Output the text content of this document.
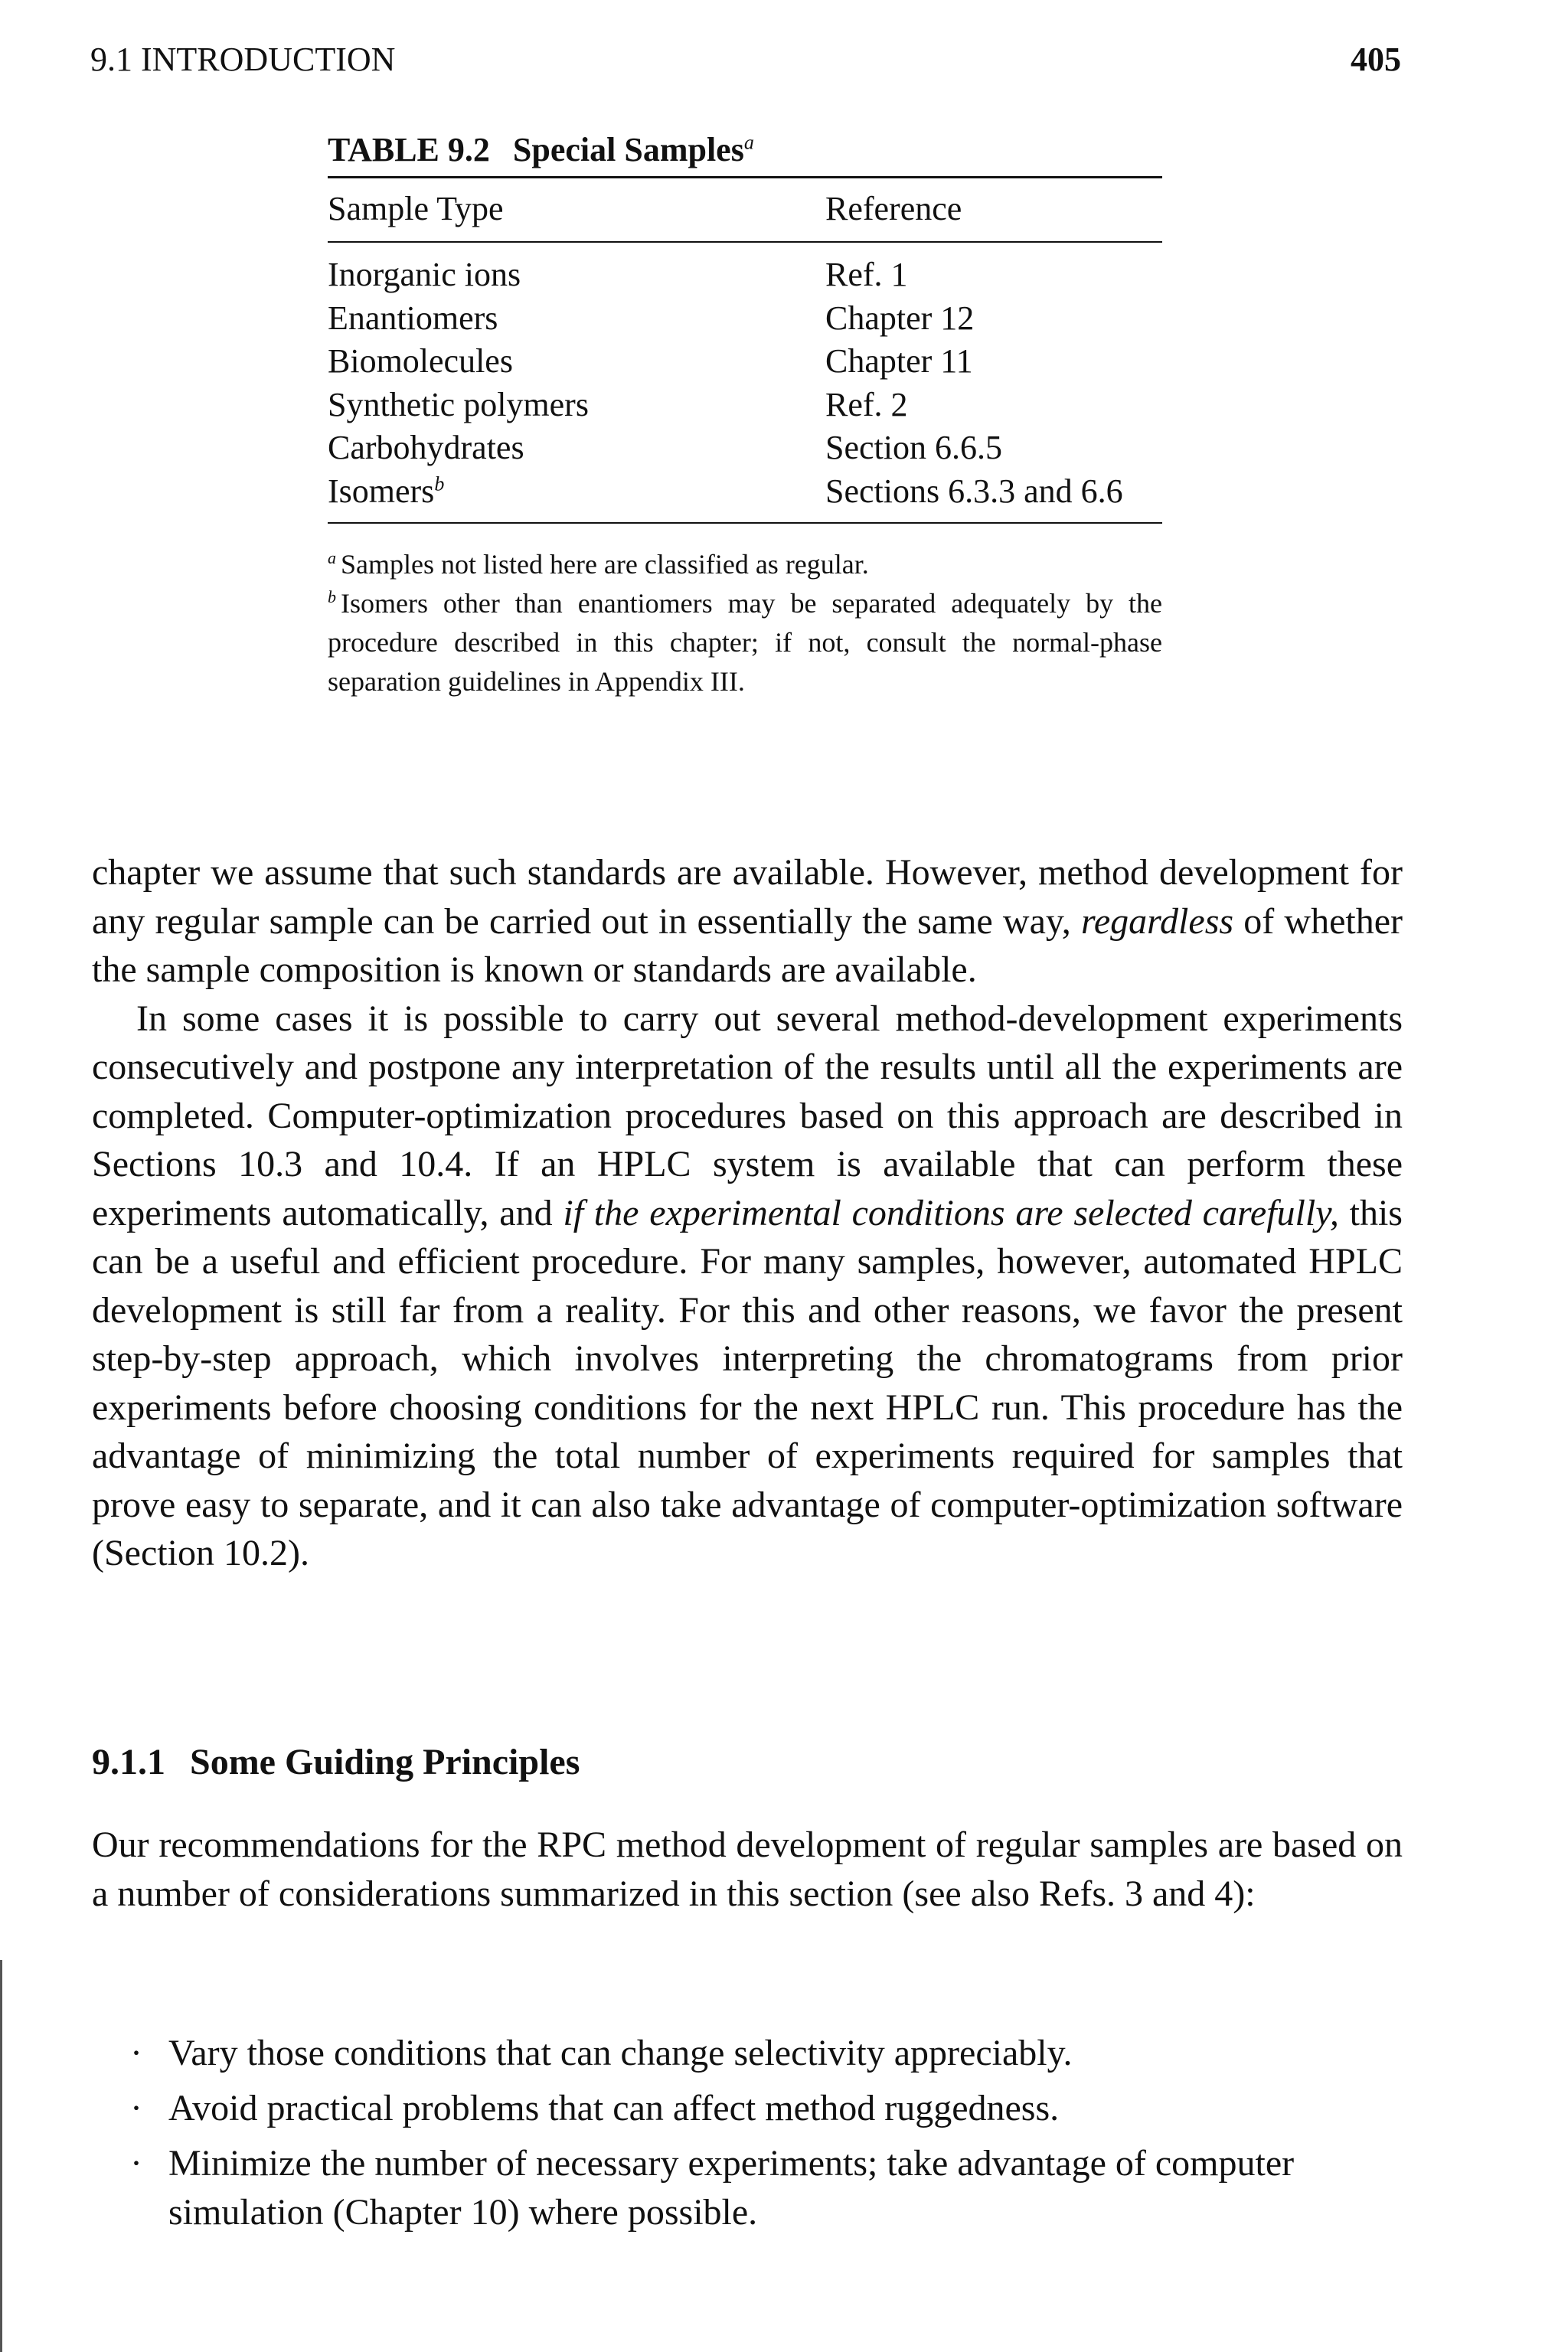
9.1 INTRODUCTION	405
TABLE 9.2 Special Samples$^a$
Sample Type	Reference
Inorganic ions	Ref. 1
Enantiomers	Chapter 12
Biomolecules	Chapter 11
Synthetic polymers	Ref. 2
Carbohydrates	Section 6.6.5
Isomers$^b$	Sections 6.3.3 and 6.6

$^a$ Samples not listed here are classified as regular.

$^b$ Isomers other than enantiomers may be separated adequately by the procedure described in this chapter; if not, consult the normal-phase separation guidelines in Appendix III.

chapter we assume that such standards are available. However, method development for any regular sample can be carried out in essentially the same way, regardless of whether the sample composition is known or standards are available.

In some cases it is possible to carry out several method-development experiments consecutively and postpone any interpretation of the results until all the experiments are completed. Computer-optimization procedures based on this approach are described in Sections 10.3 and 10.4. If an HPLC system is available that can perform these experiments automatically, and if the experimental conditions are selected carefully, this can be a useful and efficient procedure. For many samples, however, automated HPLC development is still far from a reality. For this and other reasons, we favor the present step-by-step approach, which involves interpreting the chromatograms from prior experiments before choosing conditions for the next HPLC run. This procedure has the advantage of minimizing the total number of experiments required for samples that prove easy to separate, and it can also take advantage of computer-optimization software (Section 10.2).

9.1.1 Some Guiding Principles

Our recommendations for the RPC method development of regular samples are based on a number of considerations summarized in this section (see also Refs. 3 and 4):

· Vary those conditions that can change selectivity appreciably.
· Avoid practical problems that can affect method ruggedness.
· Minimize the number of necessary experiments; take advantage of computer simulation (Chapter 10) where possible.
